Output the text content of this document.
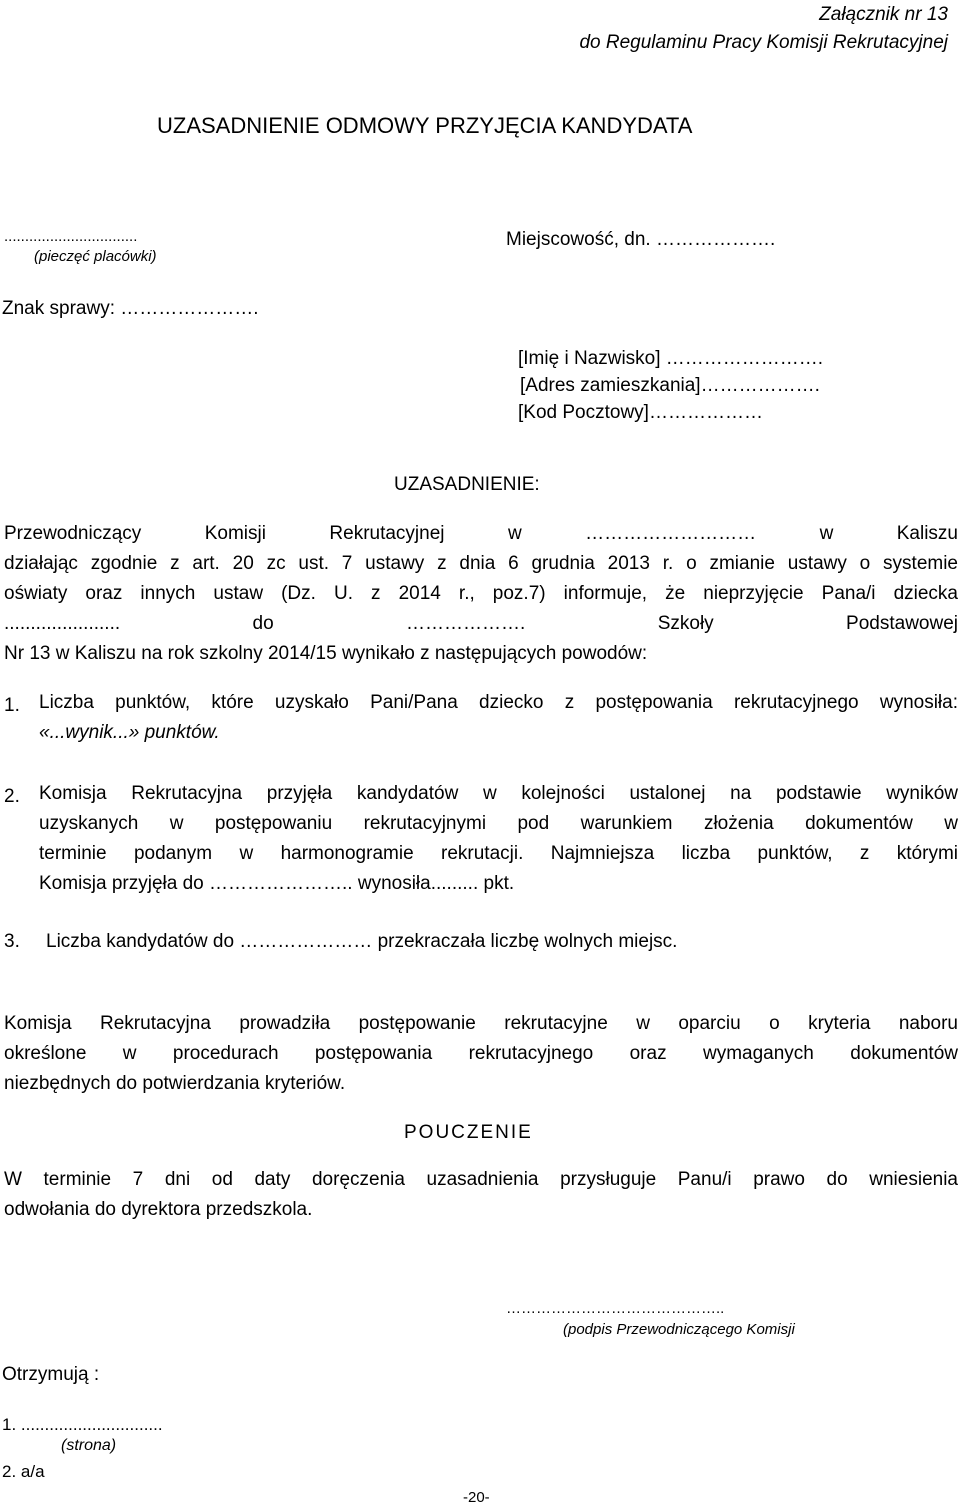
Załącznik nr 13
do Regulaminu Pracy Komisji Rekrutacyjnej
UZASADNIENIE ODMOWY PRZYJĘCIA KANDYDATA
................................
(pieczęć placówki)
Miejscowość, dn. ……………….
Znak sprawy: ………………….
[Imię i Nazwisko] …………………….
[Adres zamieszkania]……………….
[Kod Pocztowy]………………
UZASADNIENIE:
Przewodniczący Komisji Rekrutacyjnej w ……………………… w Kaliszu
działając zgodnie z art. 20 zc ust. 7 ustawy z dnia 6 grudnia 2013 r. o zmianie ustawy o systemie
oświaty oraz innych ustaw (Dz. U. z 2014 r., poz.7) informuje, że nieprzyjęcie Pana/i dziecka
...................... do ………………. Szkoły Podstawowej
Nr 13 w Kaliszu na rok szkolny 2014/15 wynikało z następujących powodów:
1. Liczba punktów, które uzyskało Pani/Pana dziecko z postępowania rekrutacyjnego wynosiła:
«...wynik...» punktów.
2. Komisja Rekrutacyjna przyjęła kandydatów w kolejności ustalonej na podstawie wyników
uzyskanych w postępowaniu rekrutacyjnymi pod warunkiem złożenia dokumentów w
terminie podanym w harmonogramie rekrutacji. Najmniejsza liczba punktów, z którymi
Komisja przyjęła do ………………….. wynosiła......... pkt.
3. Liczba kandydatów do ………………… przekraczała liczbę wolnych miejsc.
Komisja Rekrutacyjna prowadziła postępowanie rekrutacyjne w oparciu o kryteria naboru
określone w procedurach postępowania rekrutacyjnego oraz wymaganych dokumentów
niezbędnych do potwierdzania kryteriów.
POUCZENIE
W terminie 7 dni od daty doręczenia uzasadnienia przysługuje Panu/i prawo do wniesienia
odwołania do dyrektora przedszkola.
……………………………………..
(podpis Przewodniczącego Komisji
Otrzymują :
1. ..............................
(strona)
2. a/a
-20-
